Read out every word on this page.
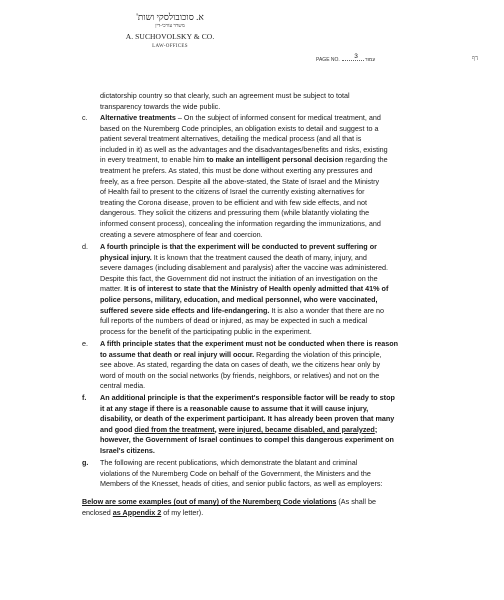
א. סוכובולסקי ושות'
משרד עורכי-דין
A. SUCHOVOLSKY & CO.
LAW-OFFICES
PAGE NO. 3 עמוד	דף
dictatorship country so that clearly, such an agreement must be subject to total
transparency towards the wide public.
c. Alternative treatments – On the subject of informed consent for medical treatment, and
based on the Nuremberg Code principles, an obligation exists to detail and suggest to a
patient several treatment alternatives, detailing the medical process (and all that is
included in it) as well as the advantages and the disadvantages/benefits and risks, existing
in every treatment, to enable him to make an intelligent personal decision regarding the
treatment he prefers. As stated, this must be done without exerting any pressures and
freely, as a free person. Despite all the above-stated, the State of Israel and the Ministry
of Health fail to present to the citizens of Israel the currently existing alternatives for
treating the Corona disease, proven to be efficient and with few side effects, and not
dangerous. They solicit the citizens and pressuring them (while blatantly violating the
informed consent process), concealing the information regarding the immunizations, and
creating a severe atmosphere of fear and coercion.
d. A fourth principle is that the experiment will be conducted to prevent suffering or
physical injury. It is known that the treatment caused the death of many, injury, and
severe damages (including disablement and paralysis) after the vaccine was administered.
Despite this fact, the Government did not instruct the initiation of an investigation on the
matter. It is of interest to state that the Ministry of Health openly admitted that 41% of
police persons, military, education, and medical personnel, who were vaccinated,
suffered severe side effects and life-endangering. It is also a wonder that there are no
full reports of the numbers of dead or injured, as may be expected in such a medical
process for the benefit of the participating public in the experiment.
e. A fifth principle states that the experiment must not be conducted when there is reason
to assume that death or real injury will occur. Regarding the violation of this principle,
see above. As stated, regarding the data on cases of death, we the citizens hear only by
word of mouth on the social networks (by friends, neighbors, or relatives) and not on the
central media.
f. An additional principle is that the experiment's responsible factor will be ready to stop
it at any stage if there is a reasonable cause to assume that it will cause injury,
disability, or death of the experiment participant. It has already been proven that many
and good died from the treatment, were injured, became disabled, and paralyzed;
however, the Government of Israel continues to compel this dangerous experiment on
Israel's citizens.
g. The following are recent publications, which demonstrate the blatant and criminal
violations of the Nuremberg Code on behalf of the Government, the Ministers and the
Members of the Knesset, heads of cities, and senior public factors, as well as employers:
Below are some examples (out of many) of the Nuremberg Code violations (As shall be
enclosed as Appendix 2 of my letter).
